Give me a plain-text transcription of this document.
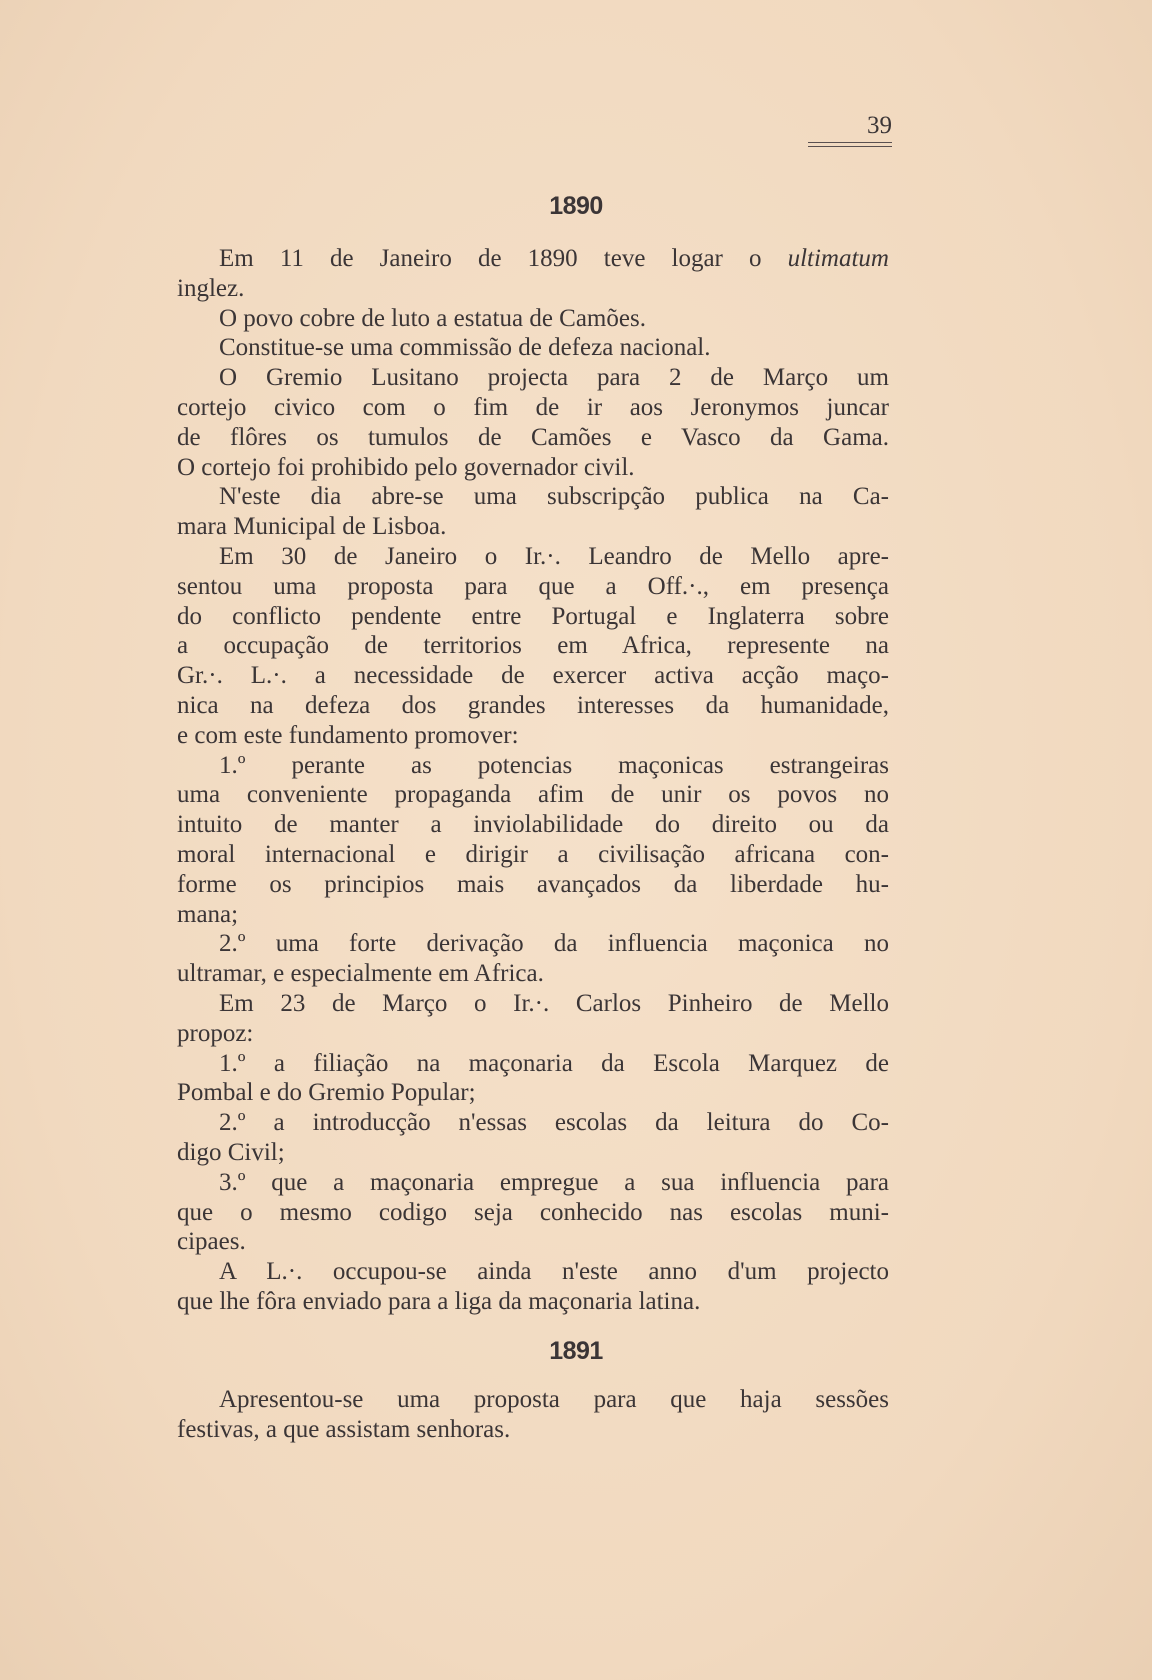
39
1890
Em 11 de Janeiro de 1890 teve logar o ultimatum
inglez.
O povo cobre de luto a estatua de Camões.
Constitue-se uma commissão de defeza nacional.
O Gremio Lusitano projecta para 2 de Março um
cortejo civico com o fim de ir aos Jeronymos juncar
de flôres os tumulos de Camões e Vasco da Gama.
O cortejo foi prohibido pelo governador civil.
N'este dia abre-se uma subscripção publica na Ca-
mara Municipal de Lisboa.
Em 30 de Janeiro o Ir.·. Leandro de Mello apre-
sentou uma proposta para que a Off.·., em presença
do conflicto pendente entre Portugal e Inglaterra sobre
a occupação de territorios em Africa, represente na
Gr.·. L.·. a necessidade de exercer activa acção maço-
nica na defeza dos grandes interesses da humanidade,
e com este fundamento promover:
1.º perante as potencias maçonicas estrangeiras
uma conveniente propaganda afim de unir os povos no
intuito de manter a inviolabilidade do direito ou da
moral internacional e dirigir a civilisação africana con-
forme os principios mais avançados da liberdade hu-
mana;
2.º uma forte derivação da influencia maçonica no
ultramar, e especialmente em Africa.
Em 23 de Março o Ir.·. Carlos Pinheiro de Mello
propoz:
1.º a filiação na maçonaria da Escola Marquez de
Pombal e do Gremio Popular;
2.º a introducção n'essas escolas da leitura do Co-
digo Civil;
3.º que a maçonaria empregue a sua influencia para
que o mesmo codigo seja conhecido nas escolas muni-
cipaes.
A L.·. occupou-se ainda n'este anno d'um projecto
que lhe fôra enviado para a liga da maçonaria latina.
1891
Apresentou-se uma proposta para que haja sessões
festivas, a que assistam senhoras.
